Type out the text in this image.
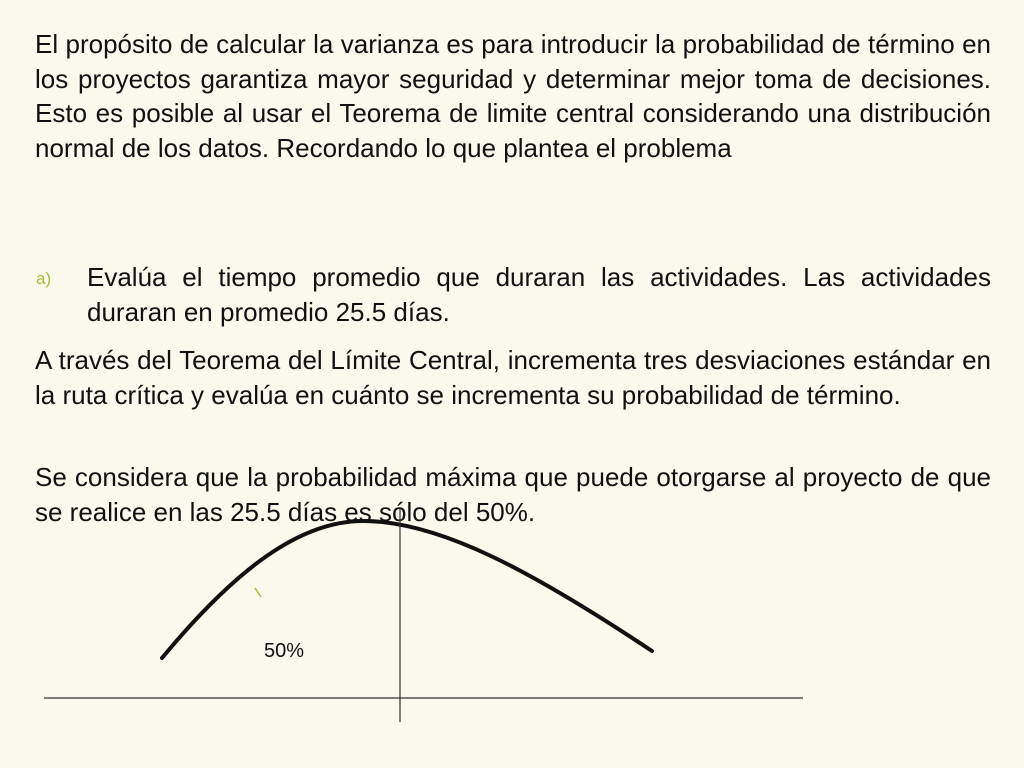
El propósito de calcular la varianza es para introducir la probabilidad de término en los proyectos garantiza mayor seguridad y determinar mejor toma de decisiones. Esto es posible al usar el Teorema de limite central considerando una distribución normal de los datos. Recordando lo que plantea el problema

a) Evalúa el tiempo promedio que duraran las actividades. Las actividades duraran en promedio 25.5 días.

A través del Teorema del Límite Central, incrementa tres desviaciones estándar en la ruta crítica y evalúa en cuánto se incrementa su probabilidad de término.

Se considera que la probabilidad máxima que puede otorgarse al proyecto de que se realice en las 25.5 días es sólo del 50%.

50%
